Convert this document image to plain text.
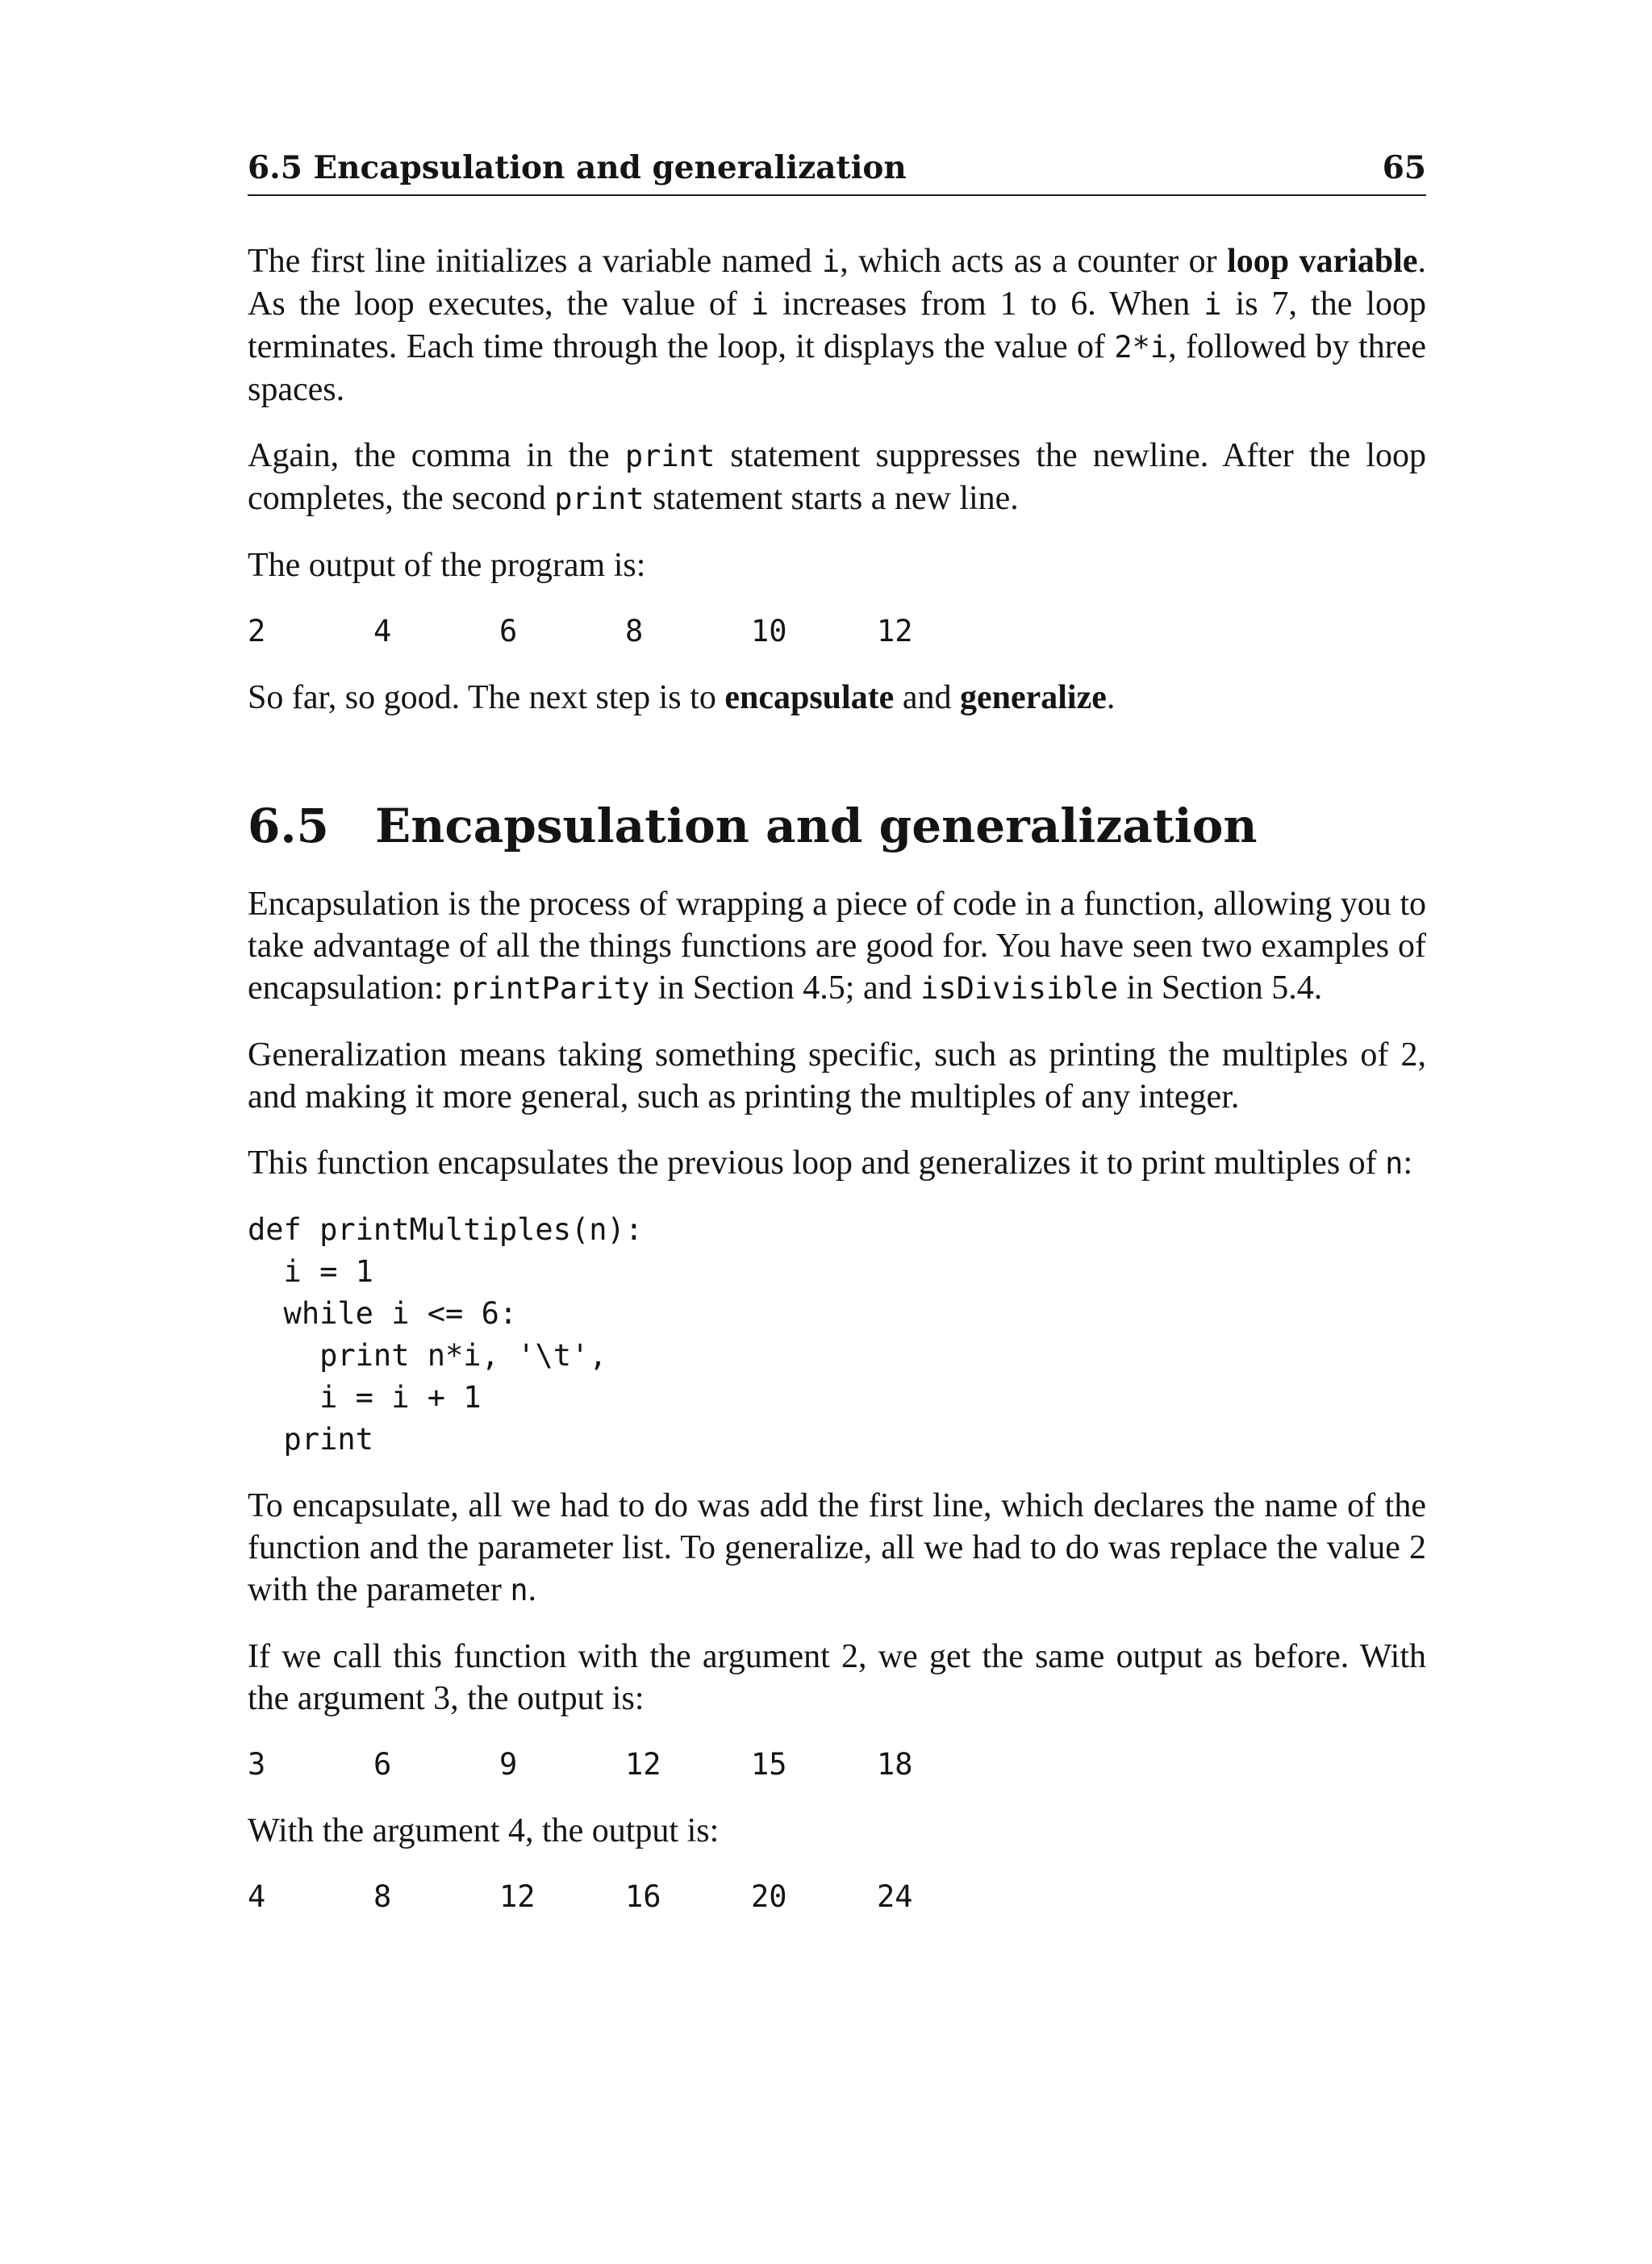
6.5 Encapsulation and generalization	65

The first line initializes a variable named i, which acts as a counter or loop variable. As the loop executes, the value of i increases from 1 to 6. When i is 7, the loop terminates. Each time through the loop, it displays the value of 2*i, followed by three spaces.

Again, the comma in the print statement suppresses the newline. After the loop completes, the second print statement starts a new line.

The output of the program is:

2	4	6	8	10	12

So far, so good. The next step is to encapsulate and generalize.

6.5 Encapsulation and generalization

Encapsulation is the process of wrapping a piece of code in a function, allowing you to take advantage of all the things functions are good for. You have seen two examples of encapsulation: printParity in Section 4.5; and isDivisible in Section 5.4.

Generalization means taking something specific, such as printing the multiples of 2, and making it more general, such as printing the multiples of any integer.

This function encapsulates the previous loop and generalizes it to print multiples of n:

def printMultiples(n):
i = 1
while i <= 6:
print n*i, '\t',
i = i + 1
print

To encapsulate, all we had to do was add the first line, which declares the name of the function and the parameter list. To generalize, all we had to do was replace the value 2 with the parameter n.

If we call this function with the argument 2, we get the same output as before. With the argument 3, the output is:

3	6	9	12	15	18

With the argument 4, the output is:

4	8	12	16	20	24
